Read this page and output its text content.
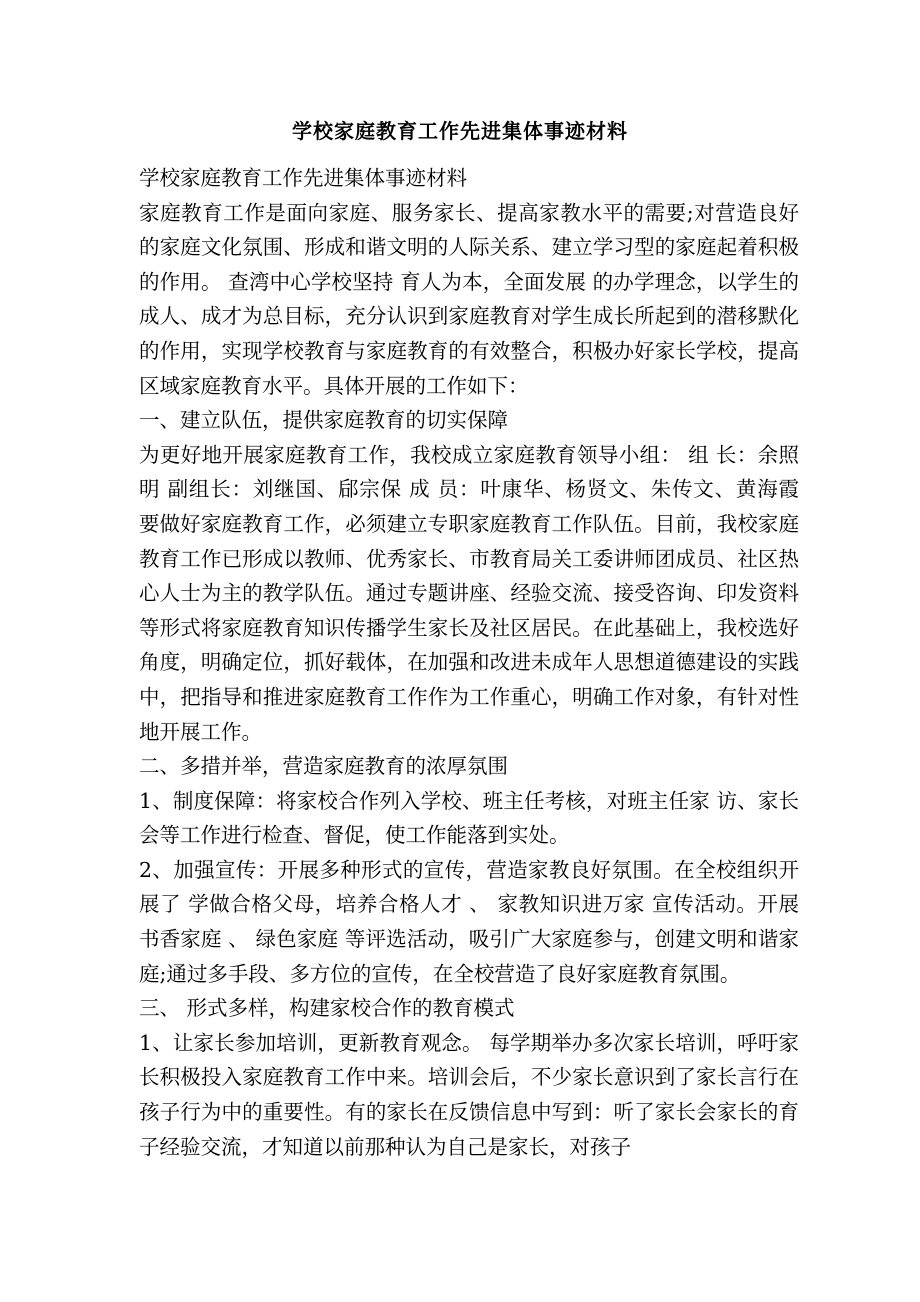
学校家庭教育工作先进集体事迹材料

学校家庭教育工作先进集体事迹材料

家庭教育工作是面向家庭、服务家长、提高家教水平的需要;对营造良好的家庭文化氛围、形成和谐文明的人际关系、建立学习型的家庭起着积极的作用。 查湾中心学校坚持 育人为本，全面发展 的办学理念，以学生的成人、成才为总目标，充分认识到家庭教育对学生成长所起到的潜移默化的作用，实现学校教育与家庭教育的有效整合，积极办好家长学校，提高区域家庭教育水平。具体开展的工作如下：

一、建立队伍，提供家庭教育的切实保障

为更好地开展家庭教育工作，我校成立家庭教育领导小组： 组 长：余照明 副组长：刘继国、郈宗保 成 员：叶康华、杨贤文、朱传文、黄海霞 要做好家庭教育工作，必须建立专职家庭教育工作队伍。目前，我校家庭教育工作已形成以教师、优秀家长、市教育局关工委讲师团成员、社区热心人士为主的教学队伍。通过专题讲座、经验交流、接受咨询、印发资料等形式将家庭教育知识传播学生家长及社区居民。在此基础上，我校选好角度，明确定位，抓好载体，在加强和改进未成年人思想道德建设的实践中，把指导和推进家庭教育工作作为工作重心，明确工作对象，有针对性地开展工作。

二、多措并举，营造家庭教育的浓厚氛围

1、制度保障：将家校合作列入学校、班主任考核，对班主任家 访、家长会等工作进行检查、督促，使工作能落到实处。

2、加强宣传：开展多种形式的宣传，营造家教良好氛围。在全校组织开展了 学做合格父母，培养合格人才 、 家教知识进万家 宣传活动。开展 书香家庭 、 绿色家庭 等评选活动，吸引广大家庭参与，创建文明和谐家庭;通过多手段、多方位的宣传，在全校营造了良好家庭教育氛围。

三、 形式多样，构建家校合作的教育模式

1、让家长参加培训，更新教育观念。 每学期举办多次家长培训，呼吁家长积极投入家庭教育工作中来。培训会后，不少家长意识到了家长言行在孩子行为中的重要性。有的家长在反馈信息中写到：听了家长会家长的育子经验交流，才知道以前那种认为自己是家长，对孩子
